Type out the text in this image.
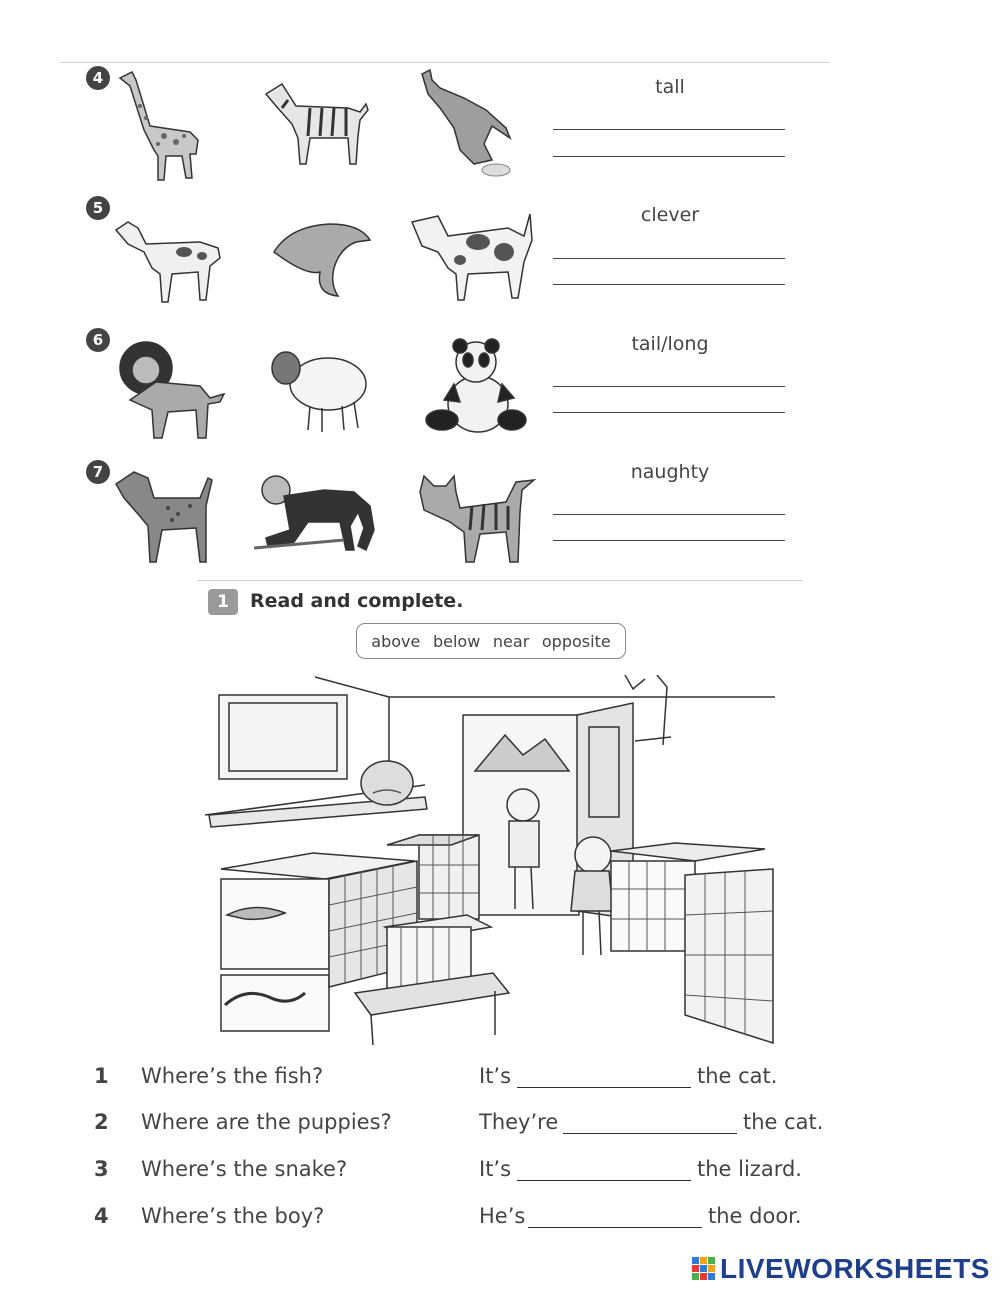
4	tall
5	clever
6	tail/long
7	naughty
1	Read and complete.
above below near opposite
1 Where’s the fish?	It’s	the cat.
2 Where are the puppies?	They’re	the cat.
3 Where’s the snake?	It’s	the lizard.
4 Where’s the boy?	He’s	the door.
LIVEWORKSHEETS
